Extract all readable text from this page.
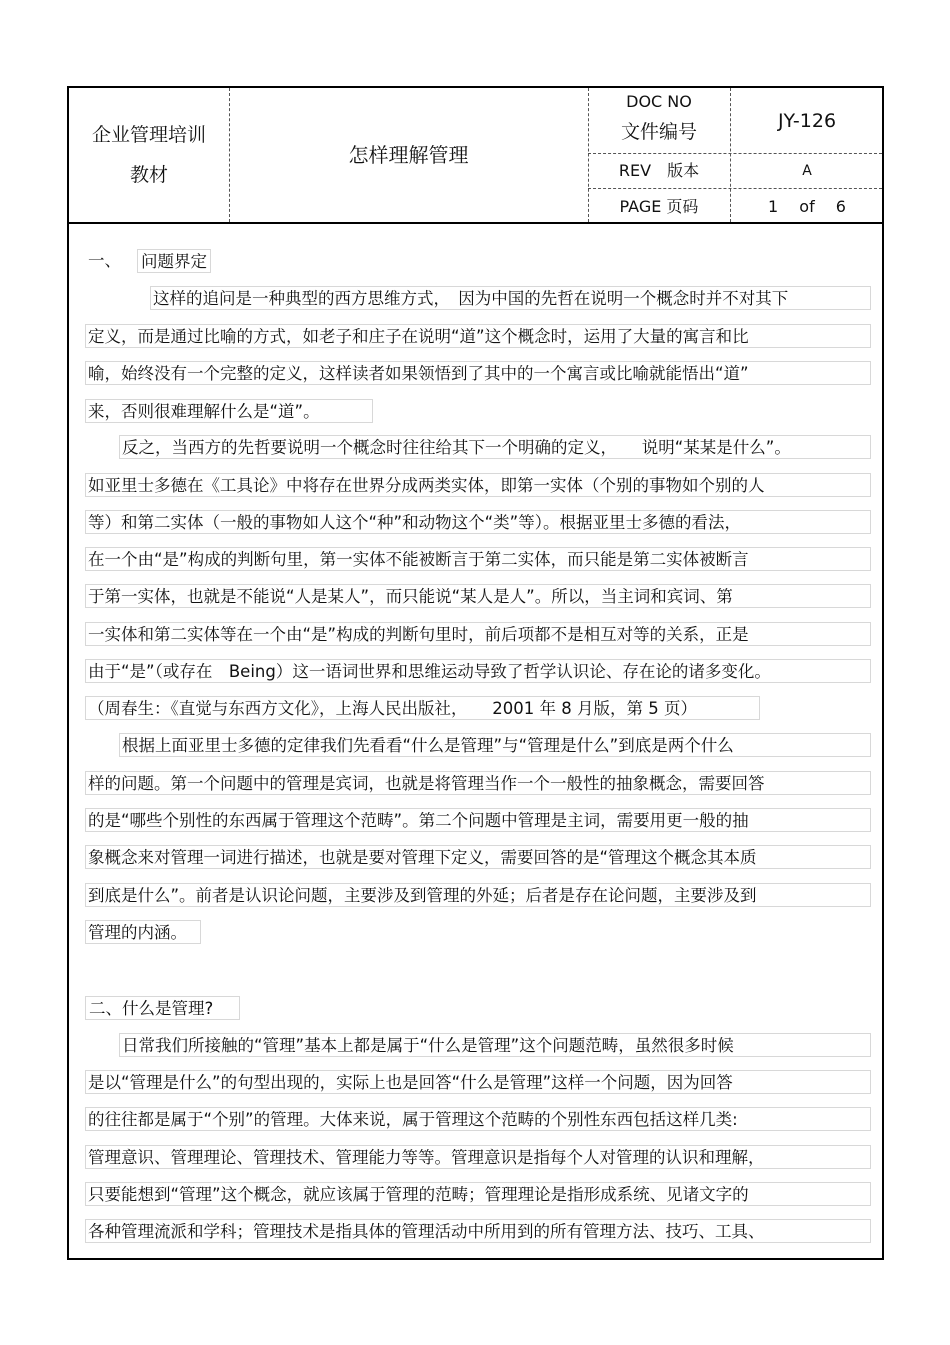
企业管理培训
教材
怎样理解管理
DOC NO
文件编号	JY-126
REV　版本	A
PAGE 页码	1　 of　 6
一、 问题界定
这样的追问是一种典型的西方思维方式，　因为中国的先哲在说明一个概念时并不对其下
定义，而是通过比喻的方式，如老子和庄子在说明“道”这个概念时，运用了大量的寓言和比
喻，始终没有一个完整的定义，这样读者如果领悟到了其中的一个寓言或比喻就能悟出“道”
来，否则很难理解什么是“道”。
反之，当西方的先哲要说明一个概念时往往给其下一个明确的定义，　　说明“某某是什么”。
如亚里士多德在《工具论》中将存在世界分成两类实体，即第一实体（个别的事物如个别的人
等）和第二实体（一般的事物如人这个“种”和动物这个“类”等）。根据亚里士多德的看法，
在一个由“是”构成的判断句里，第一实体不能被断言于第二实体，而只能是第二实体被断言
于第一实体，也就是不能说“人是某人”，而只能说“某人是人”。所以，当主词和宾词、第
一实体和第二实体等在一个由“是”构成的判断句里时，前后项都不是相互对等的关系，正是
由于“是”（或存在　Being）这一语词世界和思维运动导致了哲学认识论、存在论的诸多变化。
（周春生：《直觉与东西方文化》，上海人民出版社，　　2001 年 8 月版，第 5 页）
根据上面亚里士多德的定律我们先看看“什么是管理”与“管理是什么”到底是两个什么
样的问题。第一个问题中的管理是宾词，也就是将管理当作一个一般性的抽象概念，需要回答
的是“哪些个别性的东西属于管理这个范畴”。第二个问题中管理是主词，需要用更一般的抽
象概念来对管理一词进行描述，也就是要对管理下定义，需要回答的是“管理这个概念其本质
到底是什么”。前者是认识论问题，主要涉及到管理的外延；后者是存在论问题，主要涉及到
管理的内涵。
二、什么是管理?
日常我们所接触的“管理”基本上都是属于“什么是管理”这个问题范畴，虽然很多时候
是以“管理是什么”的句型出现的，实际上也是回答“什么是管理”这样一个问题，因为回答
的往往都是属于“个别”的管理。大体来说，属于管理这个范畴的个别性东西包括这样几类:
管理意识、管理理论、管理技术、管理能力等等。管理意识是指每个人对管理的认识和理解，
只要能想到“管理”这个概念，就应该属于管理的范畴；管理理论是指形成系统、见诸文字的
各种管理流派和学科；管理技术是指具体的管理活动中所用到的所有管理方法、技巧、工具、
